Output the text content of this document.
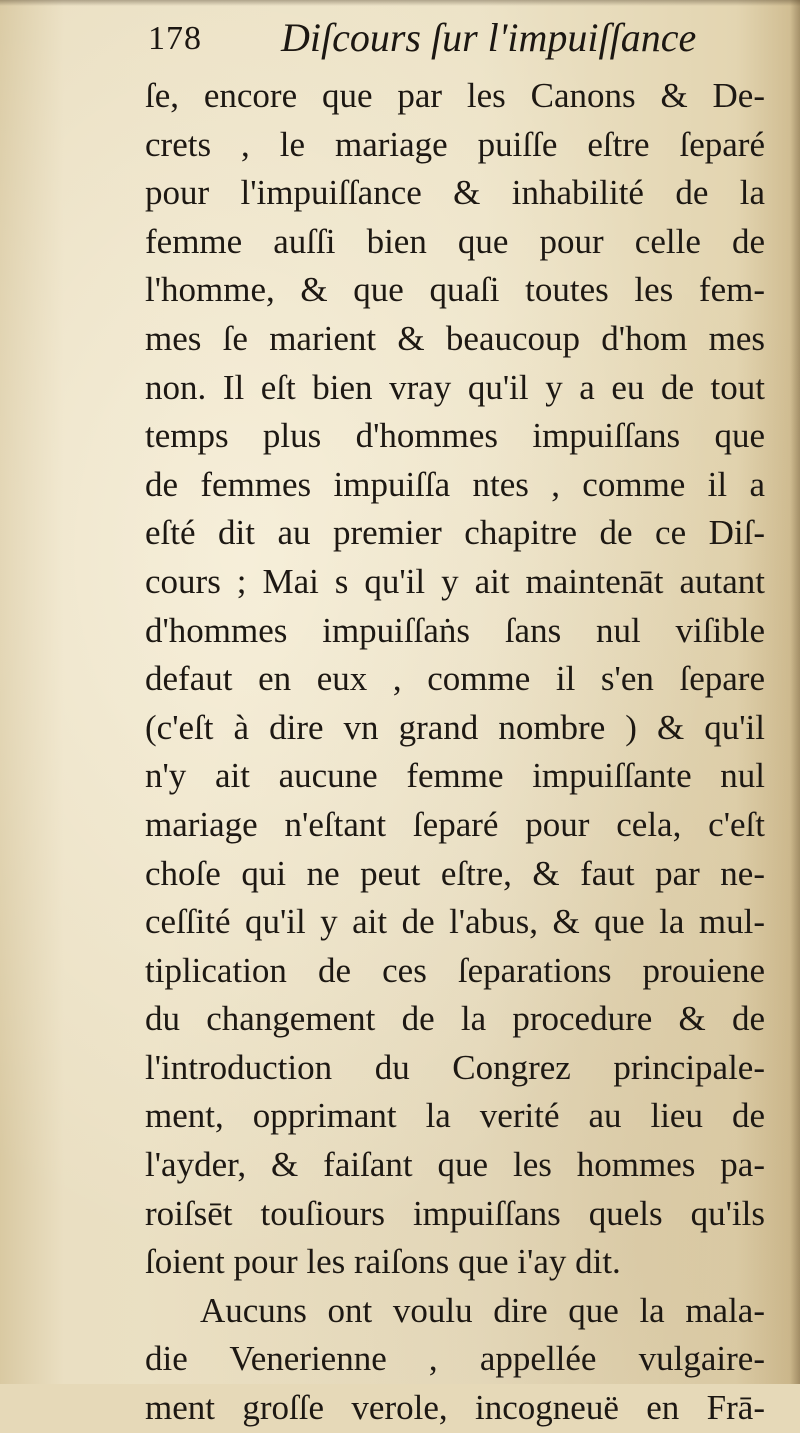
178 Diſcours ſur l'impuiſſance
ſe, encore que par les Canons & De-
crets , le mariage puiſſe eſtre ſeparé
pour l'impuiſſance & inhabilité de la
femme auſſi bien que pour celle de
l'homme, & que quaſi toutes les fem-
mes ſe marient & beaucoup d'hom mes
non. Il eſt bien vray qu'il y a eu de tout
temps plus d'hommes impuiſſans que
de femmes impuiſſa ntes , comme il a
eſté dit au premier chapitre de ce Diſ-
cours ; Mai s qu'il y ait maintenāt autant
d'hommes impuiſſaṅs ſans nul viſible
defaut en eux , comme il s'en ſepare
(c'eſt à dire vn grand nombre ) & qu'il
n'y ait aucune femme impuiſſante nul
mariage n'eſtant ſeparé pour cela, c'eſt
choſe qui ne peut eſtre, & faut par ne-
ceſſité qu'il y ait de l'abus, & que la mul-
tiplication de ces ſeparations prouiene
du changement de la procedure & de
l'introduction du Congrez principale-
ment, opprimant la verité au lieu de
l'ayder, & faiſant que les hommes pa-
roiſsēt touſiours impuiſſans quels qu'ils
ſoient pour les raiſons que i'ay dit.
Aucuns ont voulu dire que la mala-
die Venerienne , appellée vulgaire-
ment groſſe verole, incogneuë en Frā-
